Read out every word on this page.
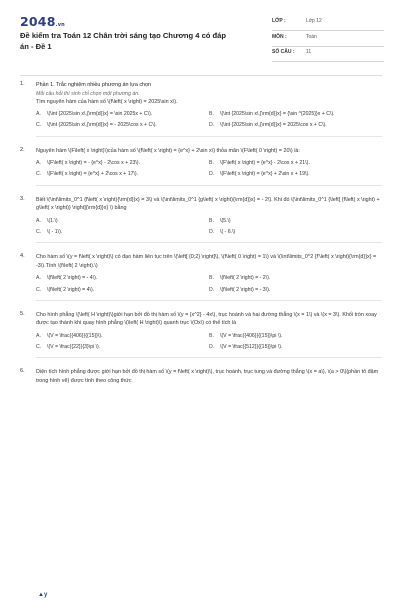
2048.vn
Đề kiểm tra Toán 12 Chân trời sáng tạo Chương 4 có đáp án - Đề 1
LỚP :	Lớp 12
MÔN :	Toán
SỐ CÂU : 11
1. Phần 1. Trắc nghiệm nhiều phương án lựa chọn
Mỗi câu hỏi thí sinh chỉ chọn một phương án.
Tìm nguyên hàm của hàm số \(f\left( x \right) = 2025\sin x\).
A.	\(\int {2025\sin x\,{\rm{d}}x} = \sin 2025x + C\).	B.	\(\int {2025\sin x\,{\rm{d}}x} = {\sin ^{2025}}x + C\).
C.	\(\int {2025\sin x\,{\rm{d}}x} = - 2025\cos x + C\).	D.	\(\int {2025\sin x\,{\rm{d}}x} = 2025\cos x + C\).
2. Nguyên hàm \(F\left( x \right)\)của hàm số \(f\left( x \right) = {e^x} + 2\sin x\) thỏa mãn \(F\left( 0 \right) = 20\) là:
A.	\(F\left( x \right) = - {e^x} - 2\cos x + 23\).	B.	\(F\left( x \right) = {e^x} - 2\cos x + 21\).
C.	\(F\left( x \right) = {e^x} + 2\cos x + 17\).	D.	\(F\left( x \right) = {e^x} + 2\sin x + 19\).
3. Biết \(\int\limits_0^1 {f\left( x \right){\rm{d}}x} = 3\) và \(\int\limits_0^1 {g\left( x \right){\rm{d}}x} = - 2\). Khi đó \(\int\limits_0^1 {\left[ {f\left( x \right) + g\left( x \right)} \right]{\rm{d}}x} \) bằng
A.	\(1.\)	B.	\(5.\)
C.	\( - 1\).	D.	\( - 6.\)
4. Cho hàm số \(y = f\left( x \right)\) có đạo hàm liên tục trên \(\left[ {0;2} \right]\), \(f\left( 0 \right) = 1\) và \(\int\limits_0^2 {f'\left( x \right){\rm{d}}x} = -3\).Tính \(f\left( 2 \right).\)
A.	\(f\left( 2 \right) = - 4\).	B.	\(f\left( 2 \right) = - 2\).
C.	\(f\left( 2 \right) = 4\).	D.	\(f\left( 2 \right) = - 3\).
5. Cho hình phẳng \(\left( H \right)\)giới hạn bởi đồ thị hàm số \(y = {x^2} - 4x\), trục hoành và hai đường thẳng \(x = 1\) và \(x = 3\). Khối tròn xoay được tạo thành khi quay hình phẳng \(\left( H \right)\) quanh trục \(Ox\) có thể tích là
A.	\(V = \frac{{406}}{{15}}\).	B.	\(V = \frac{{406}}{{15}}\pi \).
C.	\(V = \frac{{22}}{3}\pi \).	D.	\(V = \frac{{512}}{{15}}\pi \).
6. Diện tích hình phẳng được giới hạn bởi đồ thị hàm số \(y = f\left( x \right)\), trục hoành, trục tung và đường thẳng \(x = a\), \(a > 0\)(phần tô đậm trong hình vẽ) được tính theo công thức
▲y
